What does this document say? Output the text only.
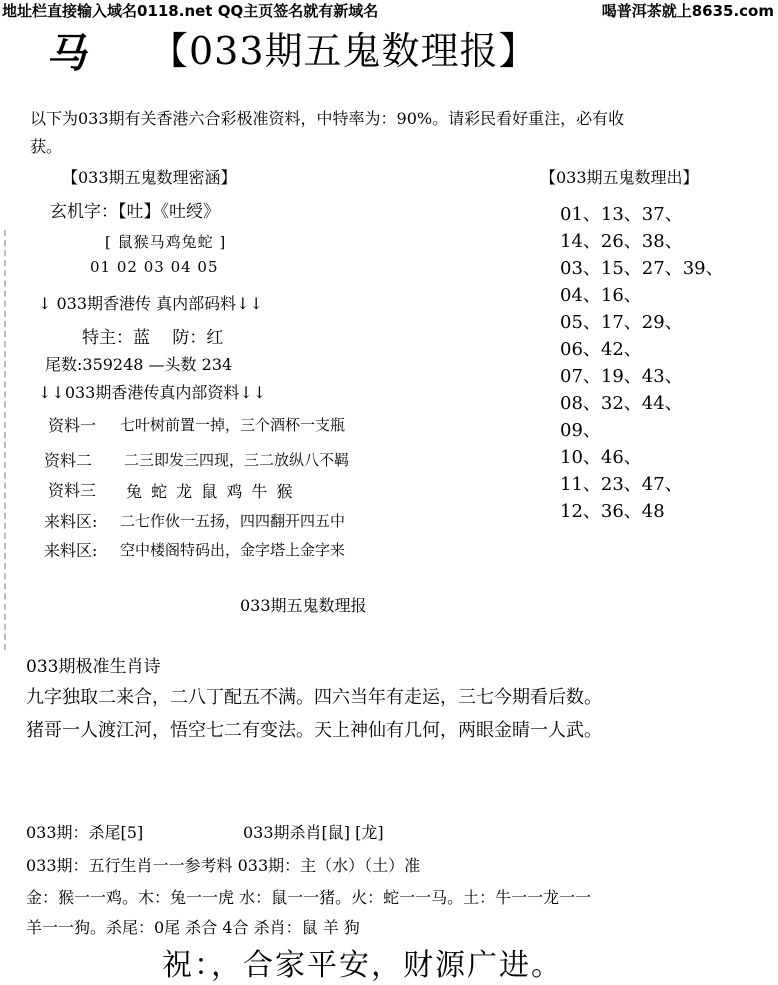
地址栏直接输入域名0118.net QQ主页签名就有新域名	喝普洱茶就上8635.com
马 【033期五鬼数理报】
以下为033期有关香港六合彩极准资料，中特率为：90%。请彩民看好重注，必有收
获。
【033期五鬼数理密涵】
玄机字：【吐】《吐绶》
[ 鼠猴马鸡兔蛇 ]
01 02 03 04 05
↓ 033期香港传 真内部码料↓↓
特主：蓝　 防：红
尾数:359248 —头数 234
↓↓033期香港传真内部资料↓↓
资料一 七叶树前置一掉，三个酒杯一支瓶
资料二 二三即发三四现，三二放纵八不羁
资料三 兔 蛇 龙 鼠 鸡 牛 猴
来料区: 二七作伙一五扬，四四翻开四五中
来料区: 空中楼阁特码出，金字塔上金字来
【033期五鬼数理出】
01、13、37、
14、26、38、
03、15、27、39、
04、16、
05、17、29、
06、42、
07、19、43、
08、32、44、
09、
10、46、
11、23、47、
12、36、48
033期五鬼数理报
033期极准生肖诗
九字独取二来合，二八丁配五不满。四六当年有走运，三七今期看后数。
猪哥一人渡江河，悟空七二有变法。天上神仙有几何，两眼金睛一人武。
033期：杀尾[5]	033期杀肖[鼠] [龙]
033期：五行生肖一一参考料 033期：主（水）（土）准
金：猴一一鸡。木：兔一一虎 水：鼠一一猪。火：蛇一一马。土：牛一一龙一一
羊一一狗。杀尾：0尾 杀合 4合 杀肖：鼠 羊 狗
祝：，合家平安，财源广进。
